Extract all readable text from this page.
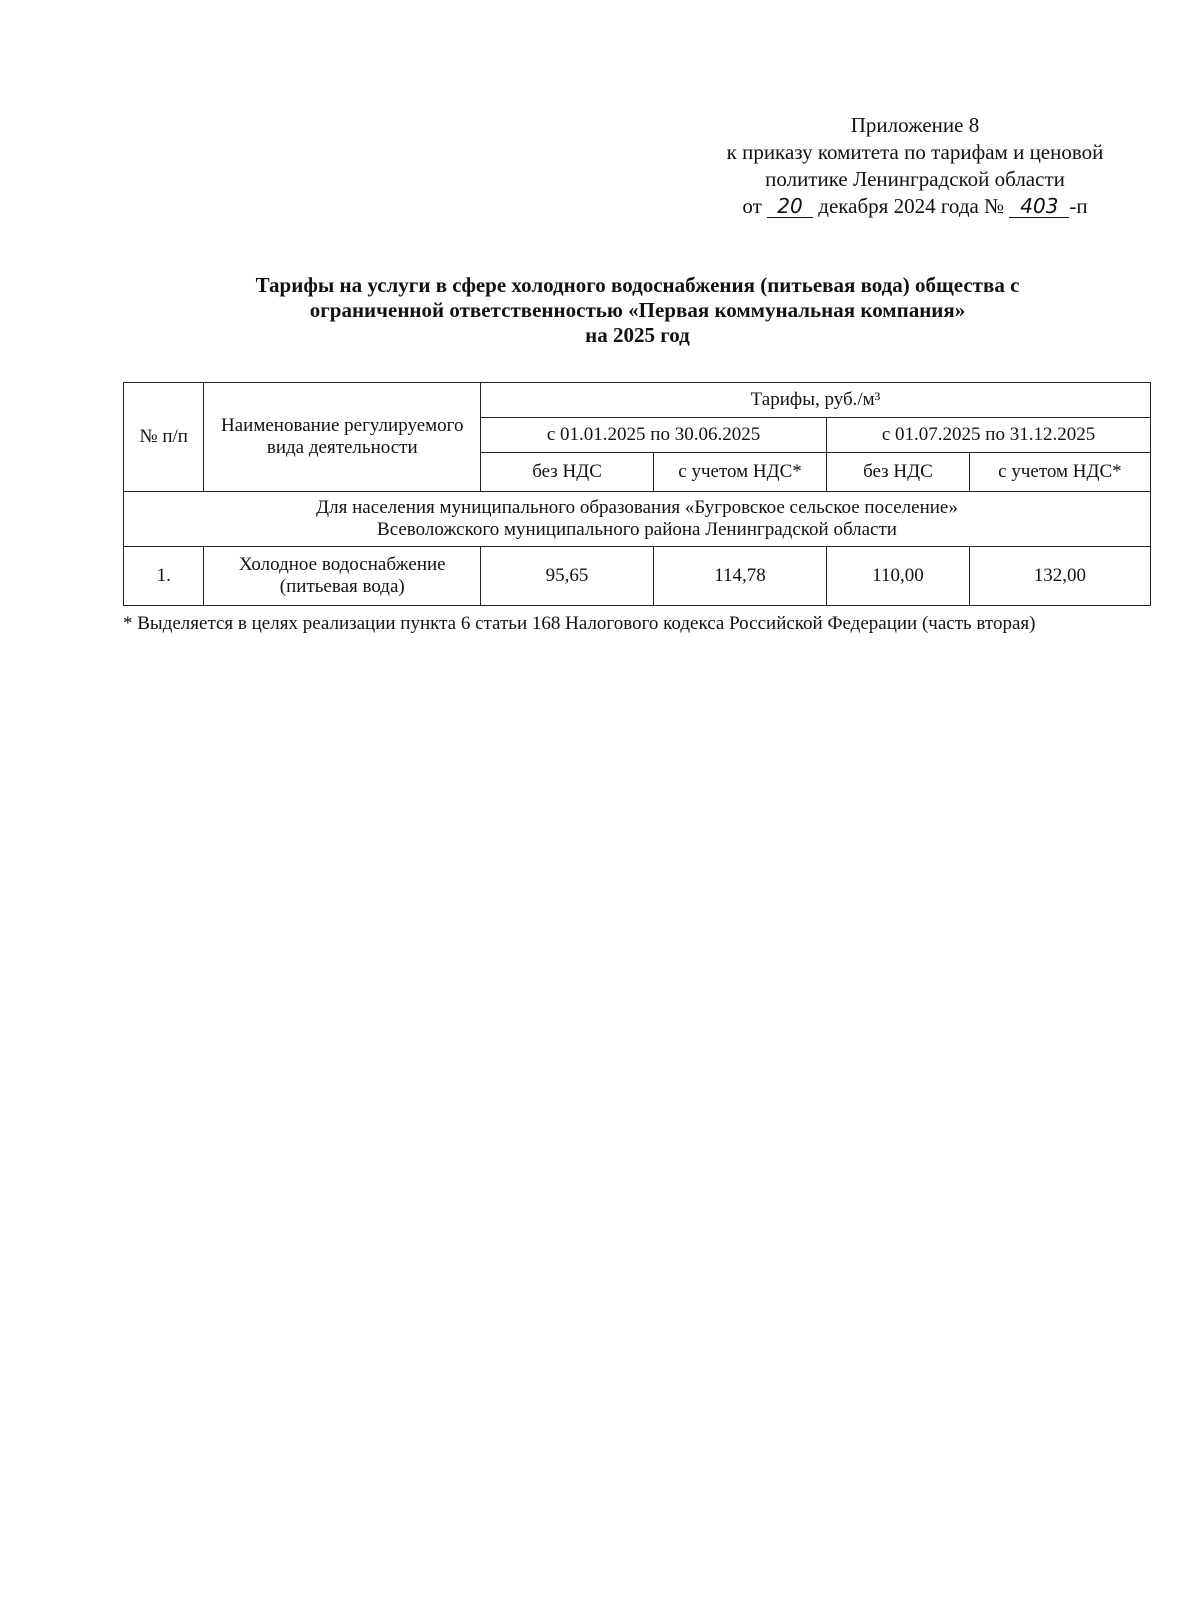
Приложение 8
к приказу комитета по тарифам и ценовой
политике Ленинградской области
от 20 декабря 2024 года № 403 -п
Тарифы на услуги в сфере холодного водоснабжения (питьевая вода) общества с
ограниченной ответственностью «Первая коммунальная компания»
на 2025 год
№ п/п	Наименование регулируемого вида деятельности	Тарифы, руб./м³			
		с 01.01.2025 по 30.06.2025		с 01.07.2025 по 31.12.2025	
		без НДС	с учетом НДС*	без НДС	с учетом НДС*

Для населения муниципального образования «Бугровское сельское поселение»
Всеволожского муниципального района Ленинградской области					

1.	Холодное водоснабжение (питьевая вода)	95,65	114,78	110,00	132,00
* Выделяется в целях реализации пункта 6 статьи 168 Налогового кодекса Российской Федерации (часть вторая)
